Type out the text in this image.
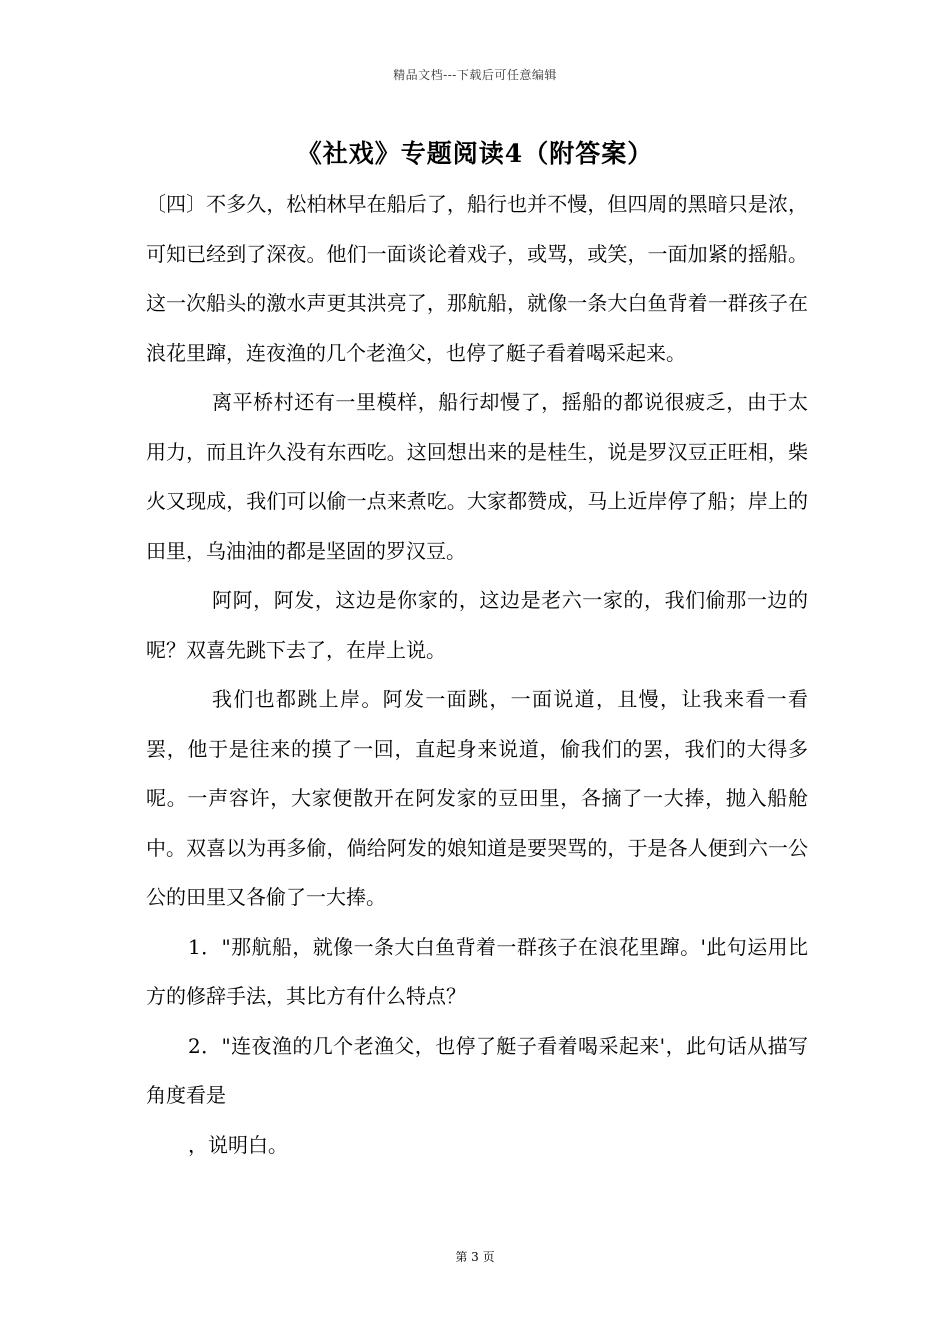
精品文档---下载后可任意编辑
《社戏》专题阅读4（附答案）

〔四〕不多久，松柏林早在船后了，船行也并不慢，但四周的黑暗只是浓，可知已经到了深夜。他们一面谈论着戏子，或骂，或笑，一面加紧的摇船。这一次船头的激水声更其洪亮了，那航船，就像一条大白鱼背着一群孩子在浪花里蹿，连夜渔的几个老渔父，也停了艇子看着喝采起来。

离平桥村还有一里模样，船行却慢了，摇船的都说很疲乏，由于太用力，而且许久没有东西吃。这回想出来的是桂生，说是罗汉豆正旺相，柴火又现成，我们可以偷一点来煮吃。大家都赞成，马上近岸停了船；岸上的田里，乌油油的都是坚固的罗汉豆。

阿阿，阿发，这边是你家的，这边是老六一家的，我们偷那一边的呢？双喜先跳下去了，在岸上说。

我们也都跳上岸。阿发一面跳，一面说道，且慢，让我来看一看罢，他于是往来的摸了一回，直起身来说道，偷我们的罢，我们的大得多呢。一声容许，大家便散开在阿发家的豆田里，各摘了一大捧，抛入船舱中。双喜以为再多偷，倘给阿发的娘知道是要哭骂的，于是各人便到六一公公的田里又各偷了一大捧。

1．"那航船，就像一条大白鱼背着一群孩子在浪花里蹿。'此句运用比方的修辞手法，其比方有什么特点？

2．"连夜渔的几个老渔父，也停了艇子看着喝采起来'，此句话从描写角度看是

，说明白。

第 3 页
